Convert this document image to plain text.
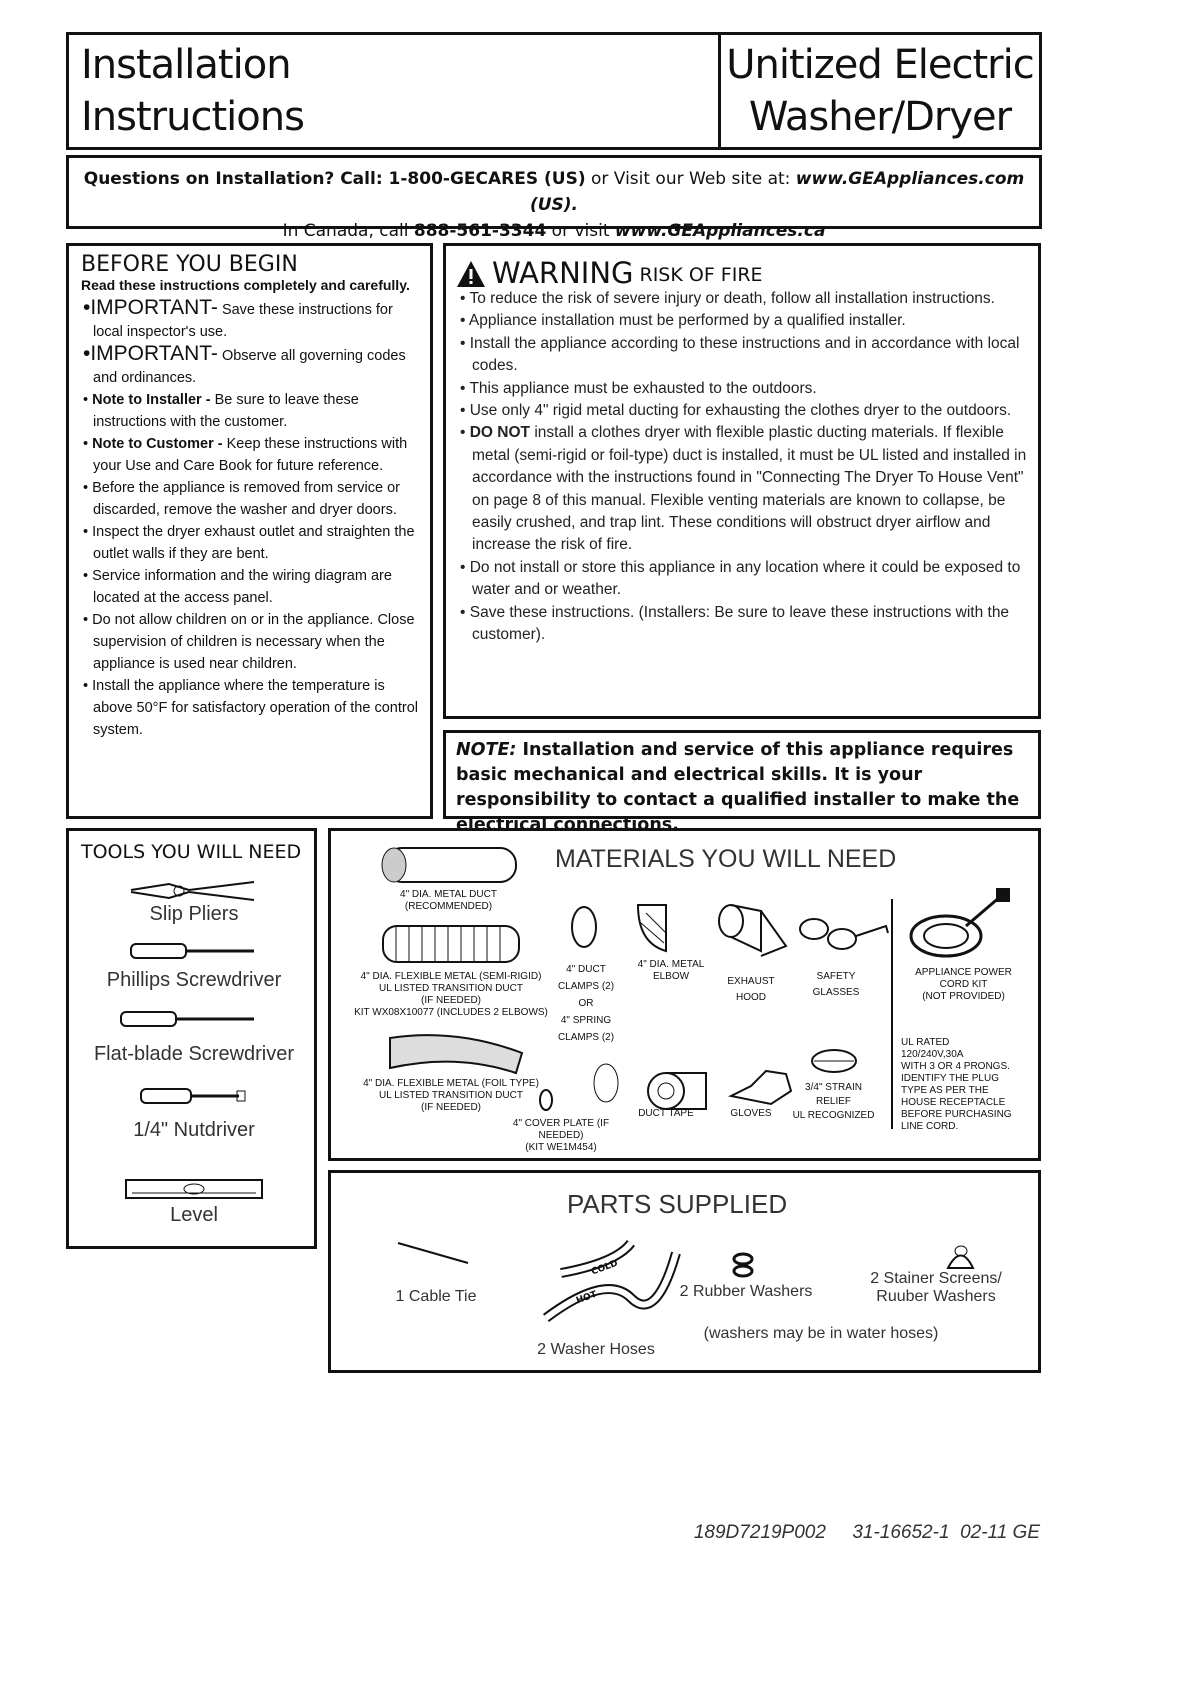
Installation
Instructions
Unitized Electric
Washer/Dryer
Questions on Installation? Call: 1-800-GECARES (US) or Visit our Web site at: www.GEAppliances.com (US).
In Canada, call 888-561-3344 or visit www.GEAppliances.ca
BEFORE YOU BEGIN
Read these instructions completely and carefully.
•IMPORTANT- Save these instructions for local inspector's use.
•IMPORTANT- Observe all governing codes and ordinances.
• Note to Installer - Be sure to leave these instructions with the customer.
• Note to Customer - Keep these instructions with your Use and Care Book for future reference.
• Before the appliance is removed from service or discarded, remove the washer and dryer doors.
• Inspect the dryer exhaust outlet and straighten the outlet walls if they are bent.
• Service information and the wiring diagram are located at the access panel.
• Do not allow children on or in the appliance. Close supervision of children is necessary when the appliance is used near children.
• Install the appliance where the temperature is above 50°F for satisfactory operation of the control system.
WARNING RISK OF FIRE
• To reduce the risk of severe injury or death, follow all installation instructions.
• Appliance installation must be performed by a qualified installer.
• Install the appliance according to these instructions and in accordance with local codes.
• This appliance must be exhausted to the outdoors.
• Use only 4" rigid metal ducting for exhausting the clothes dryer to the outdoors.
• DO NOT install a clothes dryer with flexible plastic ducting materials. If flexible metal (semi-rigid or foil-type) duct is installed, it must be UL listed and installed in accordance with the instructions found in "Connecting The Dryer To House Vent" on page 8 of this manual. Flexible venting materials are known to collapse, be easily crushed, and trap lint. These conditions will obstruct dryer airflow and increase the risk of fire.
• Do not install or store this appliance in any location where it could be exposed to water and or weather.
• Save these instructions. (Installers: Be sure to leave these instructions with the customer).
NOTE: Installation and service of this appliance requires basic mechanical and electrical skills. It is your responsibility to contact a qualified installer to make the electrical connections.
TOOLS YOU WILL NEED
Slip Pliers
Phillips Screwdriver
Flat-blade Screwdriver
1/4" Nutdriver
Level
MATERIALS YOU WILL NEED
4" DIA. METAL DUCT
(RECOMMENDED)
4" DIA. FLEXIBLE METAL (SEMI-RIGID)
UL LISTED TRANSITION DUCT
(IF NEEDED)
KIT WX08X10077 (INCLUDES 2 ELBOWS)
4" DIA. FLEXIBLE METAL (FOIL TYPE)
UL LISTED TRANSITION DUCT
(IF NEEDED)
4" COVER PLATE (IF NEEDED)
(KIT WE1M454)
4" DUCT
CLAMPS (2)
OR
4" SPRING
CLAMPS (2)
4" DIA. METAL
ELBOW	EXHAUST
HOOD
SAFETY
GLASSES
APPLIANCE POWER
CORD KIT
(NOT PROVIDED)
UL RATED
120/240V,30A
WITH 3 OR 4 PRONGS.
IDENTIFY THE PLUG
TYPE AS PER THE
HOUSE RECEPTACLE
BEFORE PURCHASING
LINE CORD.
DUCT TAPE	GLOVES
3/4" STRAIN
RELIEF
UL RECOGNIZED
PARTS SUPPLIED
1 Cable Tie
COLD
HOT
2 Washer Hoses
2 Rubber Washers
2 Stainer Screens/
Ruuber Washers
(washers may be in water hoses)

189D7219P002 31-16652-1  02-11 GE
